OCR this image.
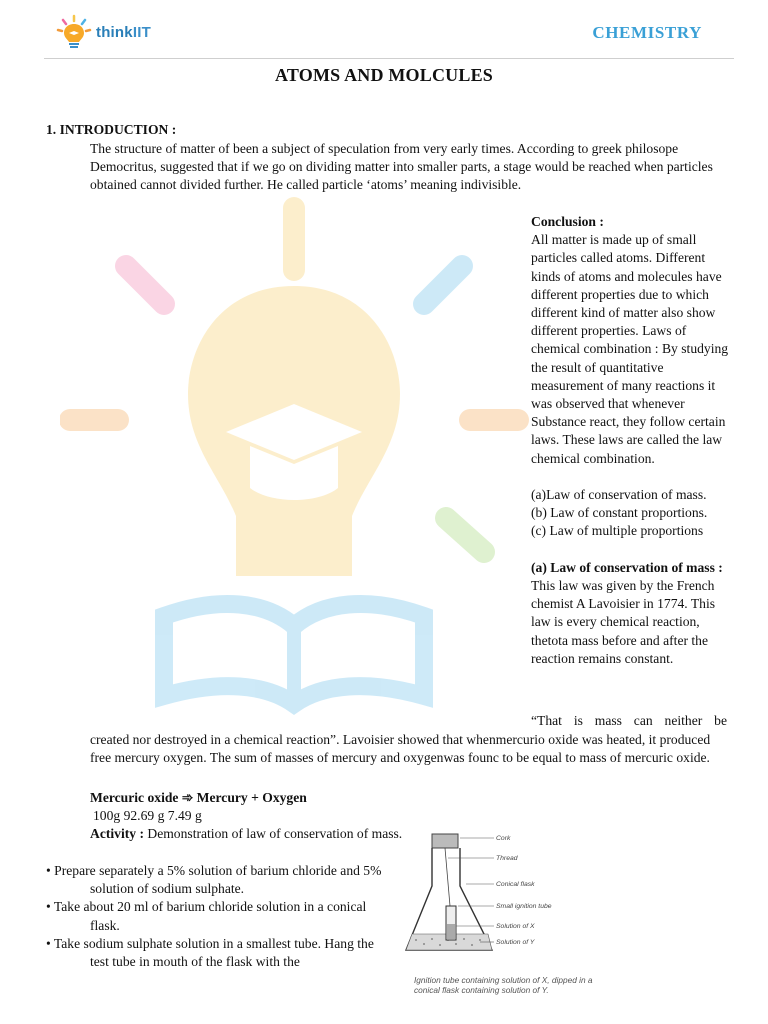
thinkIIT	CHEMISTRY
ATOMS AND MOLCULES
1. INTRODUCTION :
The structure of matter of been a subject of speculation from very early times. According to greek philosope Democritus, suggested that if we go on dividing matter into smaller parts, a stage would be reached when particles obtained cannot divided further. He called particle ‘atoms’ meaning indivisible.

Conclusion :

All matter is made up of small particles called atoms. Different kinds of atoms and molecules have different properties due to which different kind of matter also show different properties. Laws of chemical combination : By studying the result of quantitative measurement of many reactions it was observed that whenever Substance react, they follow certain laws. These laws are called the law chemical combination.

(a)Law of conservation of mass.

(b) Law of constant proportions.

(c) Law of multiple proportions

(a) Law of conservation of mass :

This law was given by the French chemist A Lavoisier in 1774. This law is every chemical reaction, thetota mass before and after the reaction remains constant.

“That is mass can neither be
created nor destroyed in a chemical reaction”. Lavoisier showed that whenmercurio oxide was heated, it produced free mercury oxygen. The sum of masses of mercury and oxygenwas founc to be equal to mass of mercuric oxide.
Mercuric oxide ➾ Mercury + Oxygen
100g 92.69 g 7.49 g
Activity : Demonstration of law of conservation of mass.

• Prepare separately a 5% solution of barium chloride and 5%
solution of sodium sulphate.

• Take about 20 ml of barium chloride solution in a conical
flask.

• Take sodium sulphate solution in a smallest tube. Hang the
test tube in mouth of the flask with the

Cork
Thread
Conical flask
Small ignition tube
Solution of X
Solution of Y
Ignition tube containing solution of X, dipped in a conical flask containing solution of Y.
